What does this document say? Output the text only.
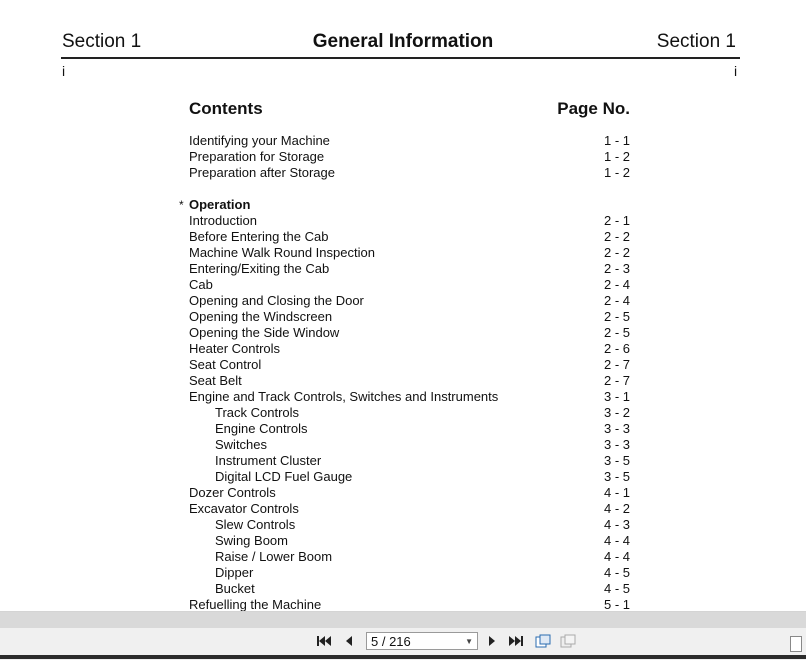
Section 1	General Information	Section 1
i	i
Contents	Page No.
Identifying your Machine	1 - 1
Preparation for Storage	1 - 2
Preparation after Storage	1 - 2
* Operation
Introduction	2 - 1
Before Entering the Cab	2 - 2
Machine Walk Round Inspection	2 - 2
Entering/Exiting the Cab	2 - 3
Cab	2 - 4
Opening and Closing the Door	2 - 4
Opening the Windscreen	2 - 5
Opening the Side Window	2 - 5
Heater Controls	2 - 6
Seat Control	2 - 7
Seat Belt	2 - 7
Engine and Track Controls, Switches and Instruments	3 - 1
Track Controls	3 - 2
Engine Controls	3 - 3
Switches	3 - 3
Instrument Cluster	3 - 5
Digital LCD Fuel Gauge	3 - 5
Dozer Controls	4 - 1
Excavator Controls	4 - 2
Slew Controls	4 - 3
Swing Boom	4 - 4
Raise / Lower Boom	4 - 4
Dipper	4 - 5
Bucket	4 - 5
Refuelling the Machine	5 - 1
5 / 216	▼
